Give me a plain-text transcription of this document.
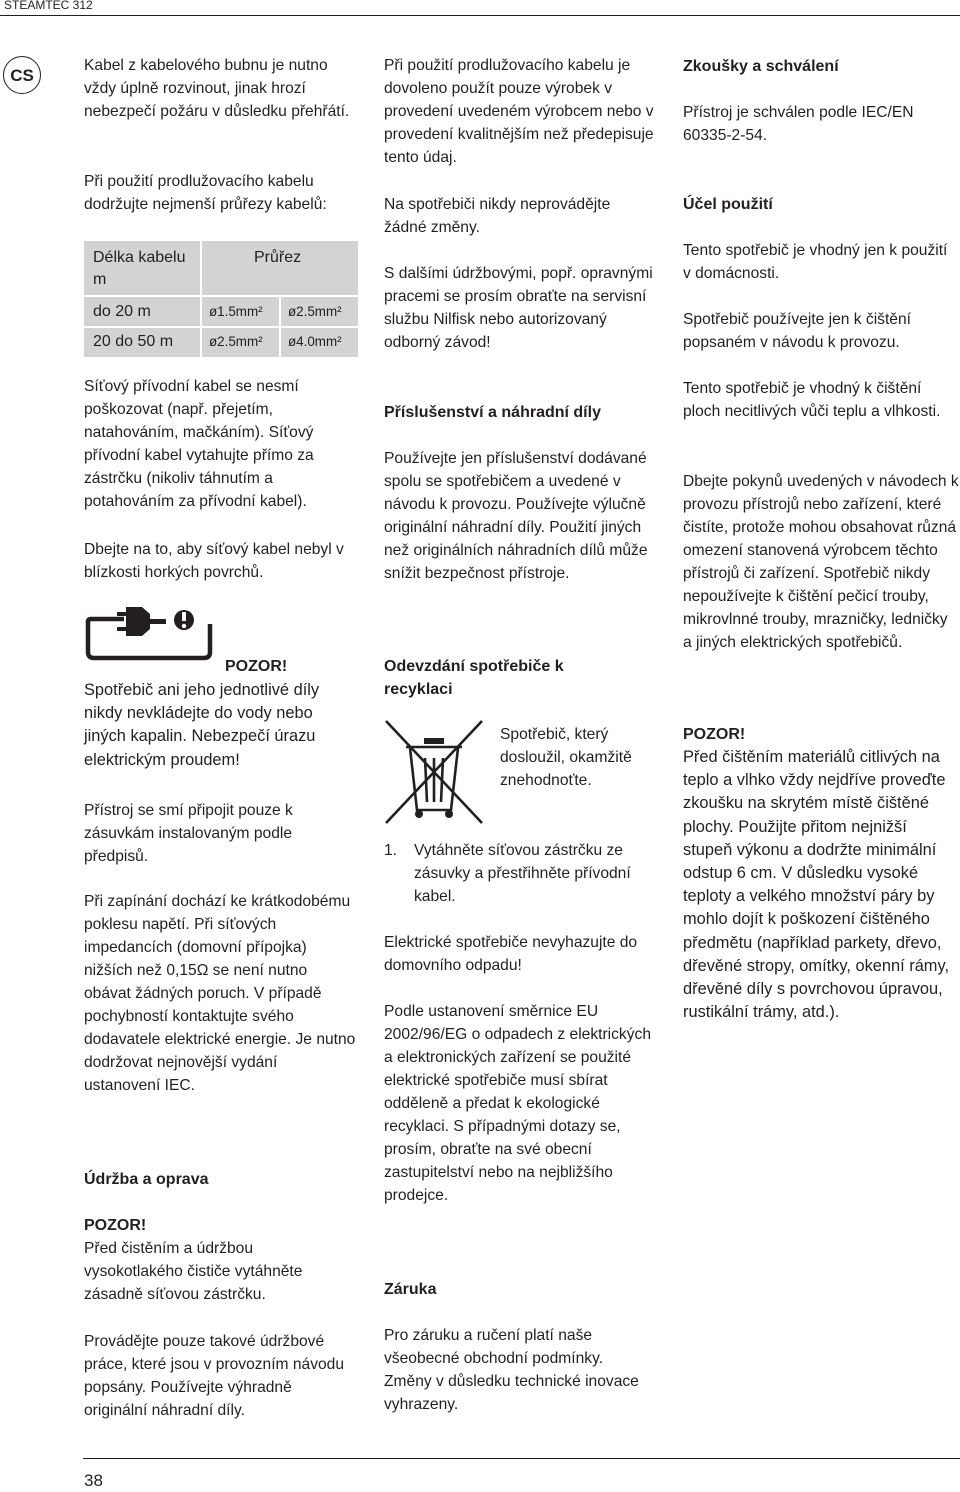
STEAMTEC 312
CS

Kabel z kabelového bubnu je nutno vždy úplně rozvinout, jinak hrozí nebezpečí požáru v důsledku přehřátí.

Při použití prodlužovacího kabelu dodržujte nejmenší průřezy kabelů:

Délka kabelu m
Průřez
do 20 m	ø1.5mm² ø2.5mm²
20 do 50 m	ø2.5mm² ø4.0mm²

Síťový přívodní kabel se nesmí poškozovat (např. přejetím, natahováním, mačkáním). Síťový přívodní kabel vytahujte přímo za zástrčku (nikoliv táhnutím a potahováním za přívodní kabel).

Dbejte na to, aby síťový kabel nebyl v blízkosti horkých povrchů.

POZOR!

Spotřebič ani jeho jednotlivé díly nikdy nevkládejte do vody nebo jiných kapalin. Nebezpečí úrazu elektrickým proudem!

Přístroj se smí připojit pouze k zásuvkám instalovaným podle předpisů.

Při zapínání dochází ke krátkodobému poklesu napětí. Při síťových impedancích (domovní přípojka) nižších než 0,15Ω se není nutno obávat žádných poruch. V případě pochybností kontaktujte svého dodavatele elektrické energie. Je nutno dodržovat nejnovější vydání ustanovení IEC.

Údržba a oprava

POZOR!

Před čistěním a údržbou vysokotlakého čističe vytáhněte zásadně síťovou zástrčku.

Provádějte pouze takové údržbové práce, které jsou v provozním návodu popsány. Používejte výhradně originální náhradní díly.

Při použití prodlužovacího kabelu je dovoleno použít pouze výrobek v provedení uvedeném výrobcem nebo v provedení kvalitnějším než předepisuje tento údaj.

Na spotřebiči nikdy neprovádějte žádné změny.

S dalšími údržbovými, popř. opravnými pracemi se prosím obraťte na servisní službu Nilfisk nebo autorizovaný odborný závod!

Příslušenství a náhradní díly

Používejte jen příslušenství dodávané spolu se spotřebičem a uvedené v návodu k provozu. Používejte výlučně originální náhradní díly. Použití jiných než originálních náhradních dílů může snížit bezpečnost přístroje.

Odevzdání spotřebiče k recyklaci

Spotřebič, který dosloužil, okamžitě znehodnoťte.

1. Vytáhněte síťovou zástrčku ze zásuvky a přestřihněte přívodní kabel.

Elektrické spotřebiče nevyhazujte do domovního odpadu!

Podle ustanovení směrnice EU 2002/96/EG o odpadech z elektrických a elektronických zařízení se použité elektrické spotřebiče musí sbírat odděleně a předat k ekologické recyklaci. S případnými dotazy se, prosím, obraťte na své obecní zastupitelství nebo na nejbližšího prodejce.

Záruka

Pro záruku a ručení platí naše všeobecné obchodní podmínky. Změny v důsledku technické inovace vyhrazeny.

Zkoušky a schválení

Přístroj je schválen podle IEC/EN 60335-2-54.

Účel použití

Tento spotřebič je vhodný jen k použití v domácnosti.

Spotřebič používejte jen k čištění popsaném v návodu k provozu.

Tento spotřebič je vhodný k čištění ploch necitlivých vůči teplu a vlhkosti.

Dbejte pokynů uvedených v návodech k provozu přístrojů nebo zařízení, které čistíte, protože mohou obsahovat různá omezení stanovená výrobcem těchto přístrojů či zařízení. Spotřebič nikdy nepoužívejte k čištění pečicí trouby, mikrovlnné trouby, mrazničky, ledničky a jiných elektrických spotřebičů.

POZOR!

Před čištěním materiálů citlivých na teplo a vlhko vždy nejdříve proveďte zkoušku na skrytém místě čištěné plochy. Použijte přitom nejnižší stupeň výkonu a dodržte minimální odstup 6 cm. V důsledku vysoké teploty a velkého množství páry by mohlo dojít k poškození čištěného předmětu (například parkety, dřevo, dřevěné stropy, omítky, okenní rámy, dřevěné díly s povrchovou úpravou, rustikální trámy, atd.).

38
